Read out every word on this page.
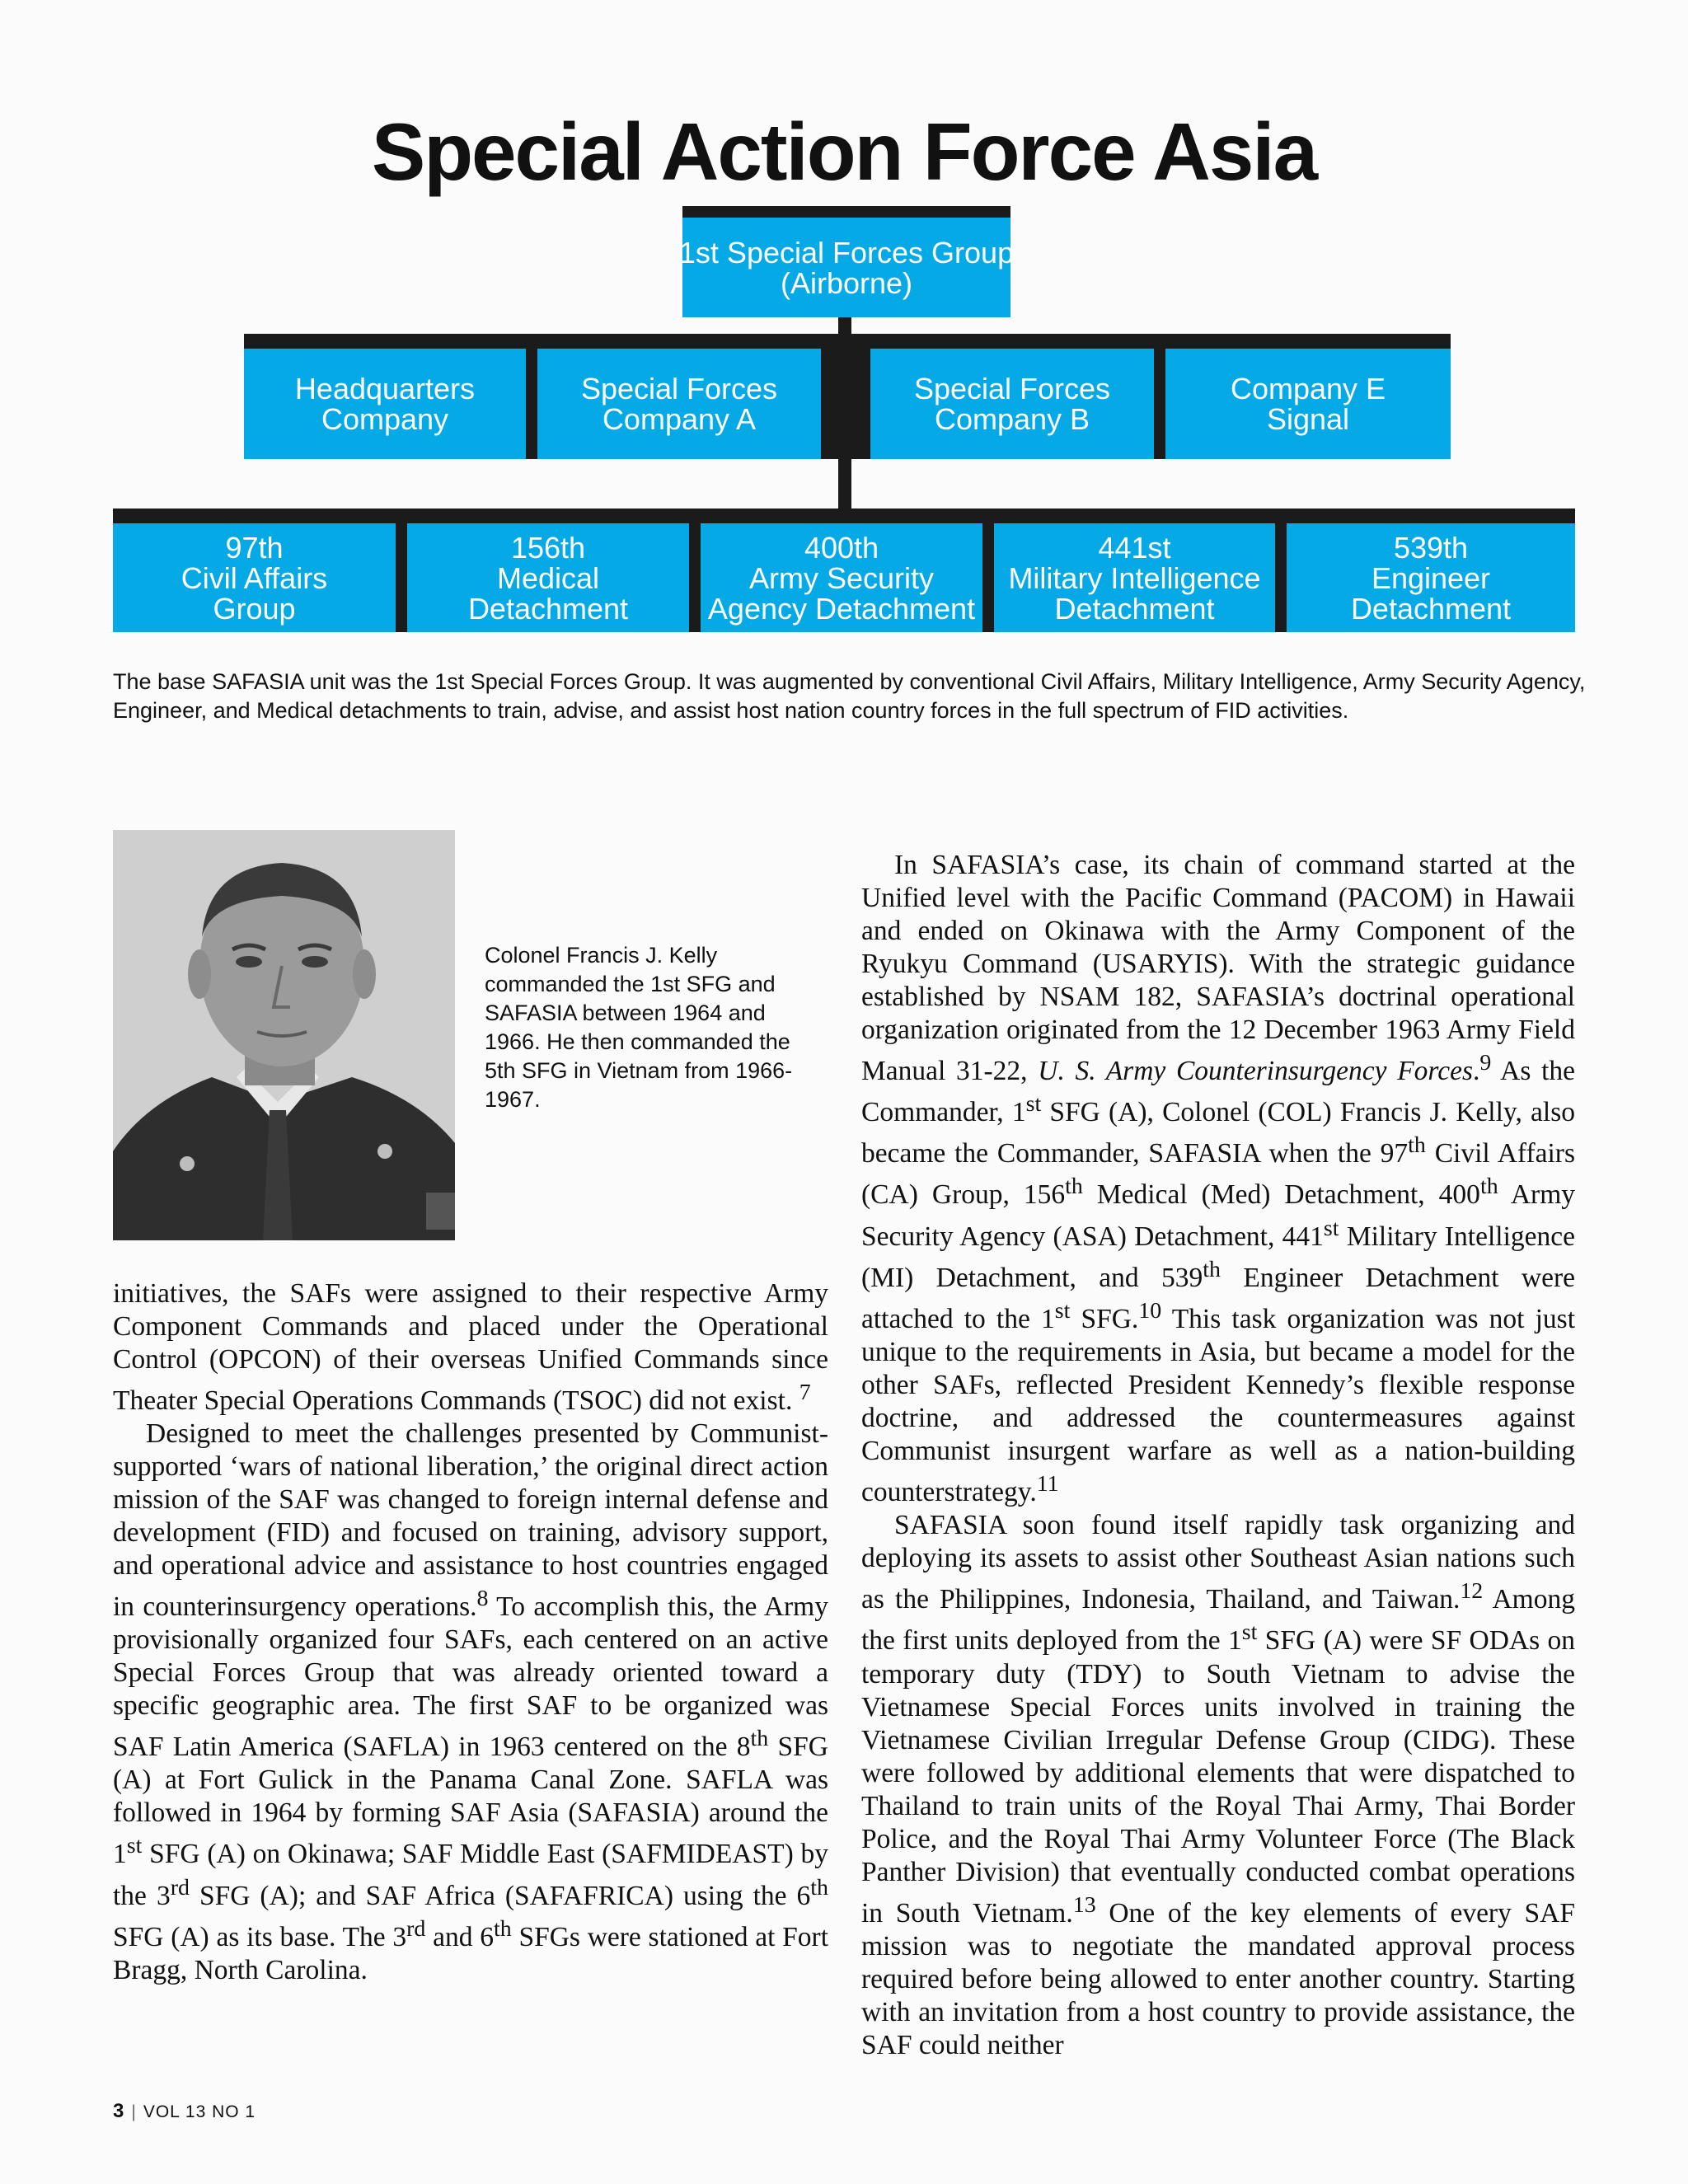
Special Action Force Asia
1st Special Forces Group
(Airborne)
Headquarters
Company
Special Forces
Company A
Special Forces
Company B
Company E
Signal
97th
Civil Affairs
Group
156th
Medical
Detachment
400th
Army Security
Agency Detachment
441st
Military Intelligence
Detachment
539th
Engineer
Detachment
The base SAFASIA unit was the 1st Special Forces Group. It was augmented by conventional Civil Affairs, Military Intelligence, Army Security Agency, Engineer, and Medical detachments to train, advise, and assist host nation country forces in the full spectrum of FID activities.
Colonel Francis J. Kelly commanded the 1st SFG and SAFASIA between 1964 and 1966. He then commanded the 5th SFG in Vietnam from 1966-1967.

initiatives, the SAFs were assigned to their respective Army Component Commands and placed under the Operational Control (OPCON) of their overseas Unified Commands since Theater Special Operations Commands (TSOC) did not exist. $^7$

Designed to meet the challenges presented by Communist-supported ‘wars of national liberation,’ the original direct action mission of the SAF was changed to foreign internal defense and development (FID) and focused on training, advisory support, and operational advice and assistance to host countries engaged in counterinsurgency operations.$^8$ To accomplish this, the Army provisionally organized four SAFs, each centered on an active Special Forces Group that was already oriented toward a specific geographic area. The first SAF to be organized was SAF Latin America (SAFLA) in 1963 centered on the 8th SFG (A) at Fort Gulick in the Panama Canal Zone. SAFLA was followed in 1964 by forming SAF Asia (SAFASIA) around the 1st SFG (A) on Okinawa; SAF Middle East (SAFMIDEAST) by the 3rd SFG (A); and SAF Africa (SAFAFRICA) using the 6th SFG (A) as its base. The 3rd and 6th SFGs were stationed at Fort Bragg, North Carolina.

In SAFASIA’s case, its chain of command started at the Unified level with the Pacific Command (PACOM) in Hawaii and ended on Okinawa with the Army Component of the Ryukyu Command (USARYIS). With the strategic guidance established by NSAM 182, SAFASIA’s doctrinal operational organization originated from the 12 December 1963 Army Field Manual 31-22, U. S. Army Counterinsurgency Forces.$^9$ As the Commander, 1st SFG (A), Colonel (COL) Francis J. Kelly, also became the Commander, SAFASIA when the 97th Civil Affairs (CA) Group, 156th Medical (Med) Detachment, 400th Army Security Agency (ASA) Detachment, 441st Military Intelligence (MI) Detachment, and 539th Engineer Detachment were attached to the 1st SFG.$^{10}$ This task organization was not just unique to the requirements in Asia, but became a model for the other SAFs, reflected President Kennedy’s flexible response doctrine, and addressed the countermeasures against Communist insurgent warfare as well as a nation-building counterstrategy.$^{11}$

SAFASIA soon found itself rapidly task organizing and deploying its assets to assist other Southeast Asian nations such as the Philippines, Indonesia, Thailand, and Taiwan.$^{12}$ Among the first units deployed from the 1st SFG (A) were SF ODAs on temporary duty (TDY) to South Vietnam to advise the Vietnamese Special Forces units involved in training the Vietnamese Civilian Irregular Defense Group (CIDG). These were followed by additional elements that were dispatched to Thailand to train units of the Royal Thai Army, Thai Border Police, and the Royal Thai Army Volunteer Force (The Black Panther Division) that eventually conducted combat operations in South Vietnam.$^{13}$ One of the key elements of every SAF mission was to negotiate the mandated approval process required before being allowed to enter another country. Starting with an invitation from a host country to provide assistance, the SAF could neither

3 | VOL 13 NO 1
